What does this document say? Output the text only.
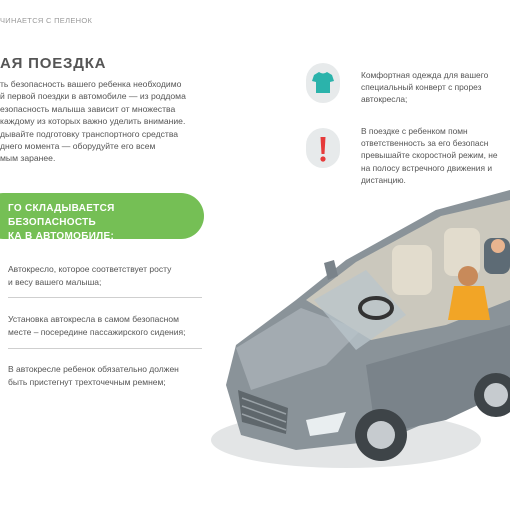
ЧИНАЕТСЯ С ПЕЛЕНОК
АЯ ПОЕЗДКА

ть безопасность вашего ребенка необходимо

й первой поездки в автомобиле — из роддома

езопасность малыша зависит от множества

каждому из которых важно уделить внимание.

дывайте подготовку транспортного средства

днего момента — оборудуйте его всем

мым заранее.

ГО СКЛАДЫВАЕТСЯ БЕЗОПАСНОСТЬ
КА В АВТОМОБИЛЕ:
Автокресло, которое соответствует росту
и весу вашего малыша;
Установка автокресла в самом безопасном
месте – посередине пассажирского сидения;
В автокресле ребенок обязательно должен
быть пристегнут трехточечным ремнем;
Комфортная одежда для вашего
специальный конверт с прорез
автокресла;
В поездке с ребенком помн
ответственность за его безопасн
превышайте скоростной режим, не
на полосу встречного движения и
дистанцию.
